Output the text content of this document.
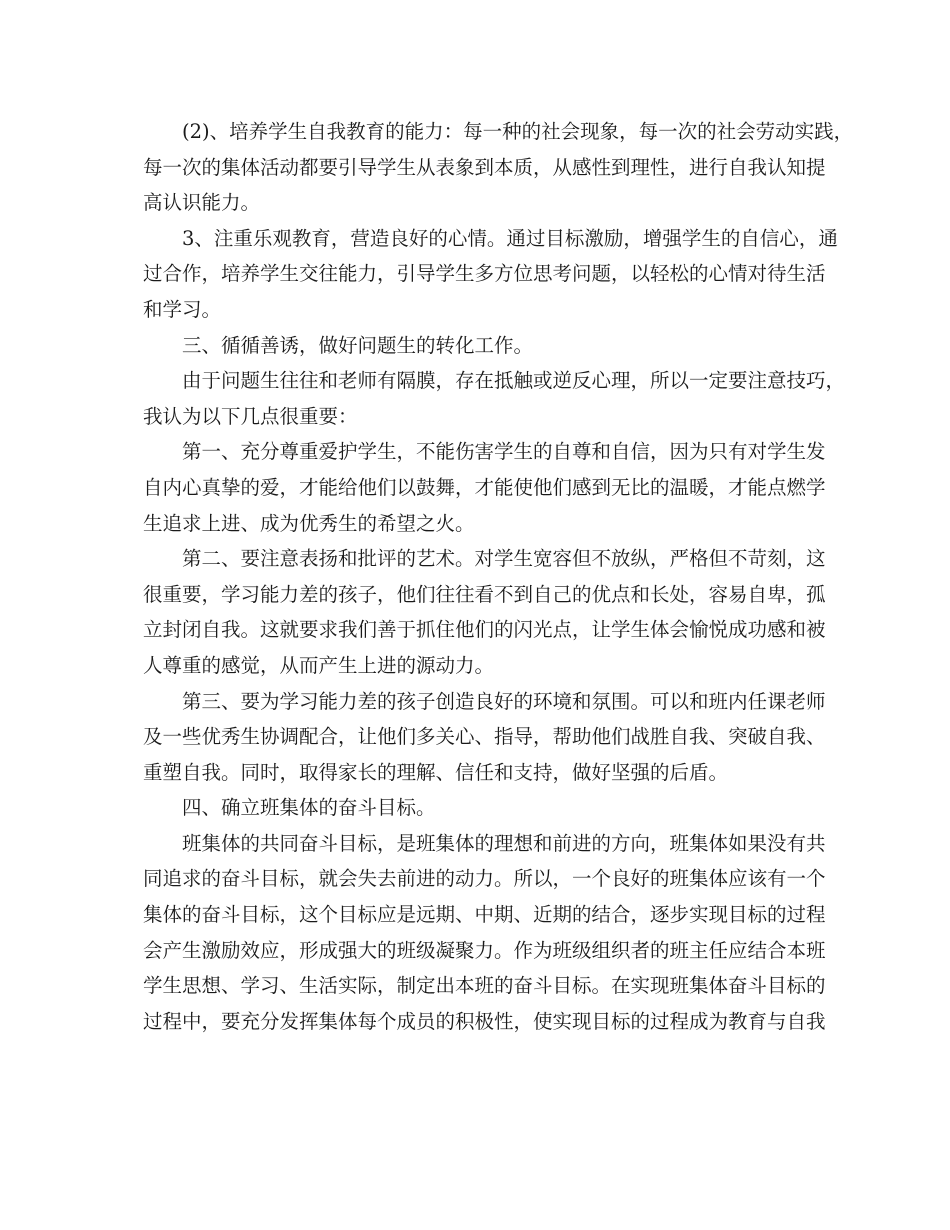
(2)、培养学生自我教育的能力：每一种的社会现象，每一次的社会劳动实践，
每一次的集体活动都要引导学生从表象到本质，从感性到理性，进行自我认知提
高认识能力。
3、注重乐观教育，营造良好的心情。通过目标激励，增强学生的自信心，通
过合作，培养学生交往能力，引导学生多方位思考问题，以轻松的心情对待生活
和学习。
三、循循善诱，做好问题生的转化工作。
由于问题生往往和老师有隔膜，存在抵触或逆反心理，所以一定要注意技巧，
我认为以下几点很重要：
第一、充分尊重爱护学生，不能伤害学生的自尊和自信，因为只有对学生发
自内心真挚的爱，才能给他们以鼓舞，才能使他们感到无比的温暖，才能点燃学
生追求上进、成为优秀生的希望之火。
第二、要注意表扬和批评的艺术。对学生宽容但不放纵，严格但不苛刻，这
很重要，学习能力差的孩子，他们往往看不到自己的优点和长处，容易自卑，孤
立封闭自我。这就要求我们善于抓住他们的闪光点，让学生体会愉悦成功感和被
人尊重的感觉，从而产生上进的源动力。
第三、要为学习能力差的孩子创造良好的环境和氛围。可以和班内任课老师
及一些优秀生协调配合，让他们多关心、指导，帮助他们战胜自我、突破自我、
重塑自我。同时，取得家长的理解、信任和支持，做好坚强的后盾。
四、确立班集体的奋斗目标。
班集体的共同奋斗目标，是班集体的理想和前进的方向，班集体如果没有共
同追求的奋斗目标，就会失去前进的动力。所以，一个良好的班集体应该有一个
集体的奋斗目标，这个目标应是远期、中期、近期的结合，逐步实现目标的过程
会产生激励效应，形成强大的班级凝聚力。作为班级组织者的班主任应结合本班
学生思想、学习、生活实际，制定出本班的奋斗目标。在实现班集体奋斗目标的
过程中，要充分发挥集体每个成员的积极性，使实现目标的过程成为教育与自我
